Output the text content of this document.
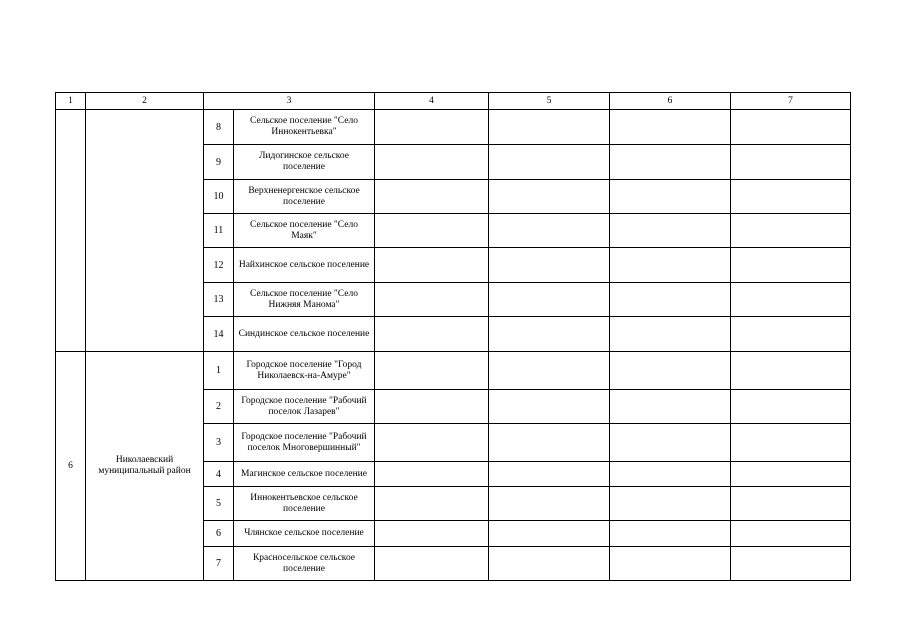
1	2	3		4	5	6	7
		8	Сельское поселение "Село Иннокентьевка"				
		9	Лидогинское сельское поселение				
		10	Верхненергенское сельское поселение				
		11	Сельское поселение "Село Маяк"				
		12	Найхинское сельское поселение				
		13	Сельское поселение "Село Нижняя Манома"				
		14	Синдинское сельское поселение				
6	Николаевский муниципальный район	1	Городское поселение "Город Николаевск-на-Амуре"				
		2	Городское поселение "Рабочий поселок Лазарев"				
		3	Городское поселение "Рабочий поселок Многовершинный"				
		4	Магинское сельское поселение				
		5	Иннокентьевское сельское поселение				
		6	Чля​нское сельское поселение				
		7	Красносельское сельское поселение				
